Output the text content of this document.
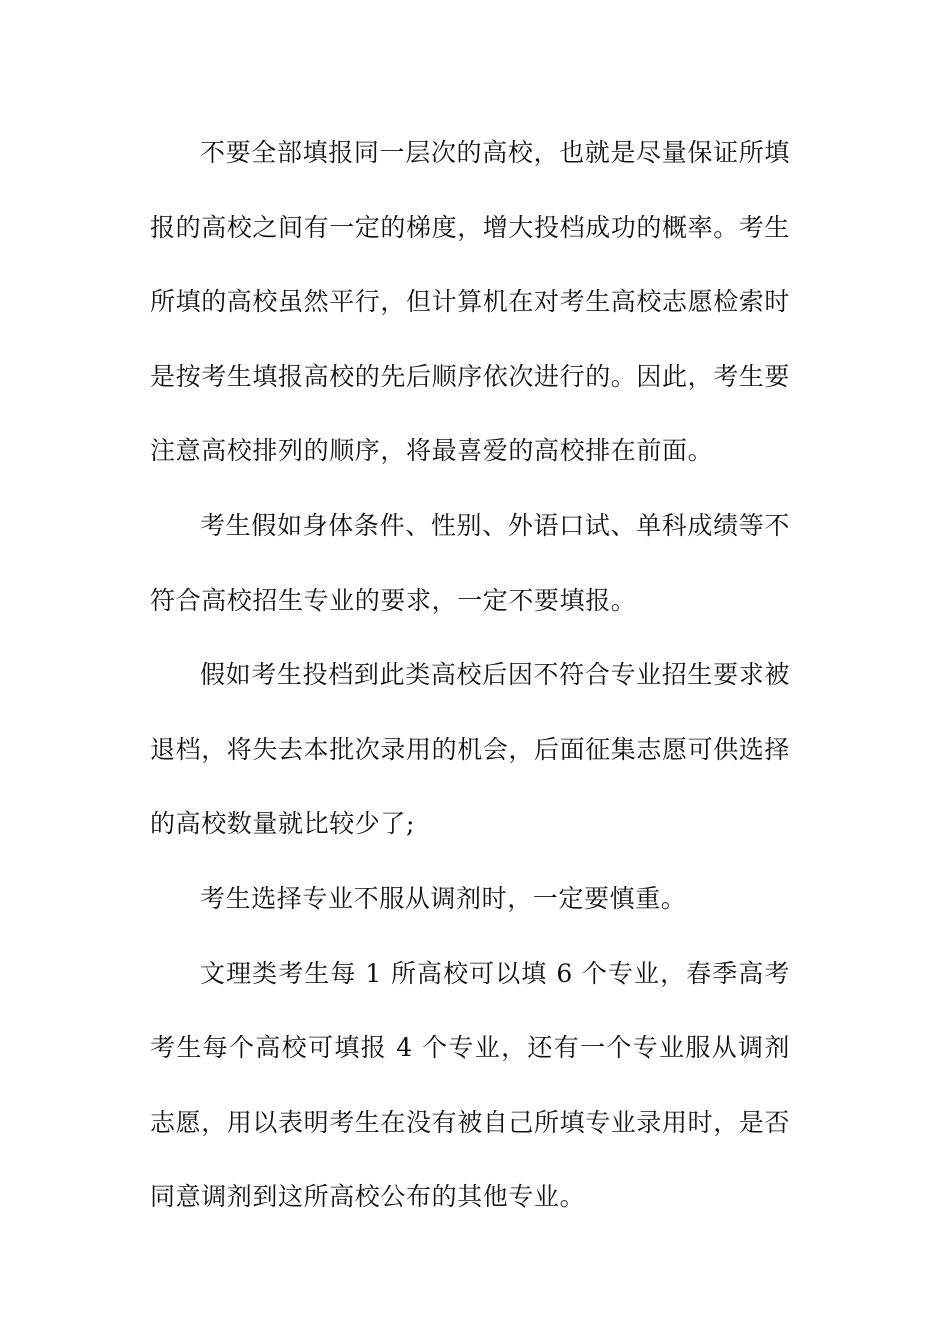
不要全部填报同一层次的高校，也就是尽量保证所填报的高校之间有一定的梯度，增大投档成功的概率。考生所填的高校虽然平行，但计算机在对考生高校志愿检索时是按考生填报高校的先后顺序依次进行的。因此，考生要注意高校排列的顺序，将最喜爱的高校排在前面。

考生假如身体条件、性别、外语口试、单科成绩等不符合高校招生专业的要求，一定不要填报。

假如考生投档到此类高校后因不符合专业招生要求被退档，将失去本批次录用的机会，后面征集志愿可供选择的高校数量就比较少了;

考生选择专业不服从调剂时，一定要慎重。

文理类考生每 1 所高校可以填 6 个专业，春季高考考生每个高校可填报 4 个专业，还有一个专业服从调剂志愿，用以表明考生在没有被自己所填专业录用时，是否同意调剂到这所高校公布的其他专业。
